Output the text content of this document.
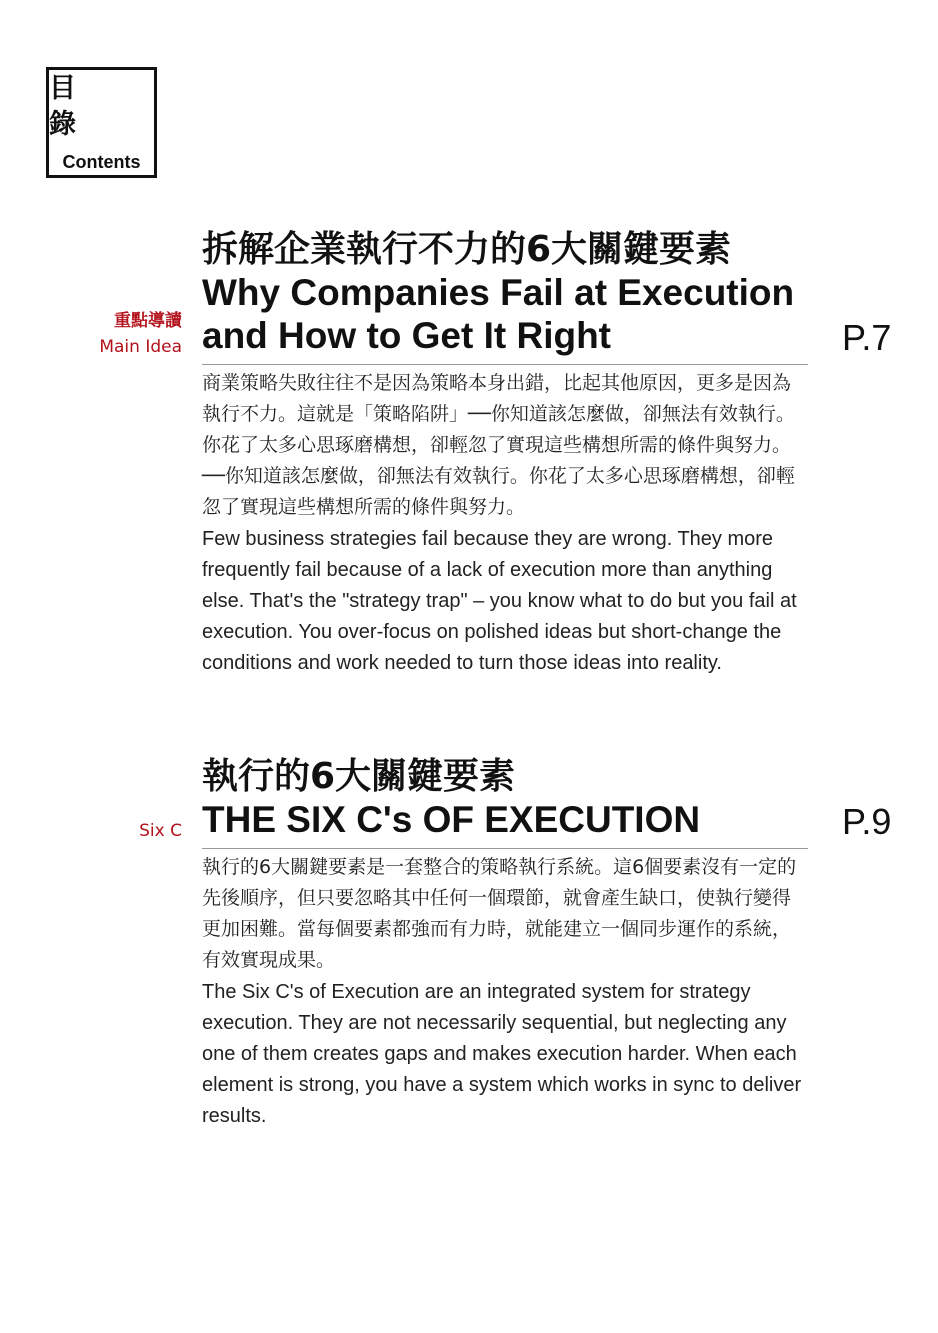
目 錄
Contents
拆解企業執行不力的6大關鍵要素
Why Companies Fail at Execution
and How to Get It Right
重點導讀
Main Idea	P.7
商業策略失敗往往不是因為策略本身出錯，比起其他原因，更多是因為執行不力。這就是「策略陷阱」──你知道該怎麼做，卻無法有效執行。你花了太多心思琢磨構想，卻輕忽了實現這些構想所需的條件與努力。──你知道該怎麼做，卻無法有效執行。你花了太多心思琢磨構想，卻輕忽了實現這些構想所需的條件與努力。
Few business strategies fail because they are wrong. They more frequently fail because of a lack of execution more than anything else. That's the "strategy trap" – you know what to do but you fail at execution. You over-focus on polished ideas but short-change the conditions and work needed to turn those ideas into reality.
執行的6大關鍵要素
THE SIX C's OF EXECUTION
Six C	P.9
執行的6大關鍵要素是一套整合的策略執行系統。這6個要素沒有一定的先後順序，但只要忽略其中任何一個環節，就會產生缺口，使執行變得更加困難。當每個要素都強而有力時，就能建立一個同步運作的系統，有效實現成果。
The Six C's of Execution are an integrated system for strategy execution. They are not necessarily sequential, but neglecting any one of them creates gaps and makes execution harder. When each element is strong, you have a system which works in sync to deliver results.
